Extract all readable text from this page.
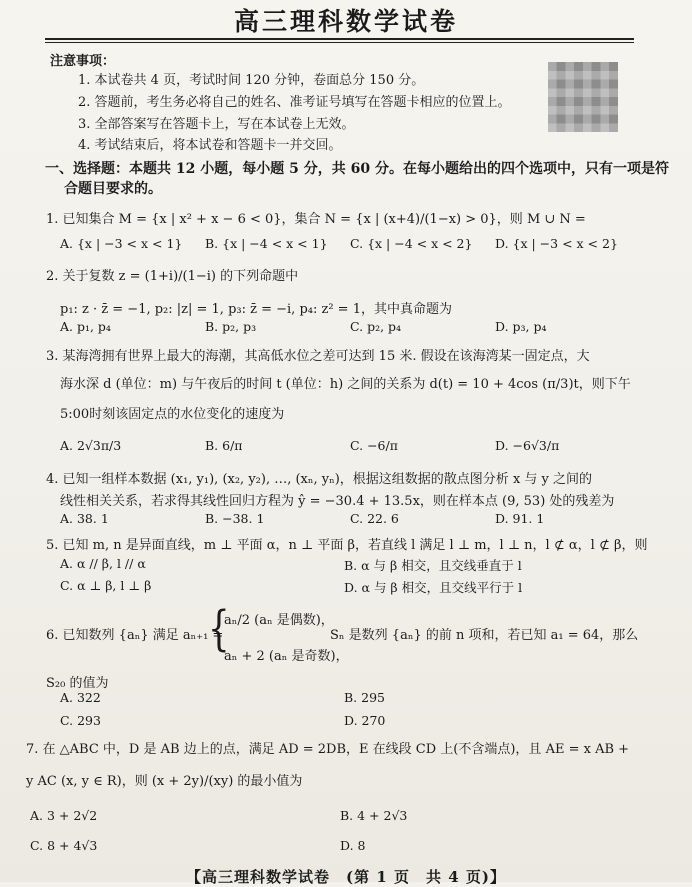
高三理科数学试卷
注意事项：
1. 本试卷共 4 页，考试时间 120 分钟，卷面总分 150 分。
2. 答题前，考生务必将自己的姓名、准考证号填写在答题卡相应的位置上。
3. 全部答案写在答题卡上，写在本试卷上无效。
4. 考试结束后，将本试卷和答题卡一并交回。
一、选择题：本题共 12 小题，每小题 5 分，共 60 分。在每小题给出的四个选项中，只有一项是符
合题目要求的。
1. 已知集合 M = {x | x² + x − 6 < 0}，集合 N = {x | (x+4)/(1−x) > 0}，则 M ∪ N =
A. {x | −3 < x < 1} B. {x | −4 < x < 1} C. {x | −4 < x < 2} D. {x | −3 < x < 2}
2. 关于复数 z = (1+i)/(1−i) 的下列命题中
p₁: z · z̄ = −1, p₂: |z| = 1, p₃: z̄ = −i, p₄: z² = 1，其中真命题为
A. p₁, p₄	B. p₂, p₃	C. p₂, p₄	D. p₃, p₄
3. 某海湾拥有世界上最大的海潮，其高低水位之差可达到 15 米. 假设在该海湾某一固定点，大
海水深 d (单位：m) 与午夜后的时间 t (单位：h) 之间的关系为 d(t) = 10 + 4cos (π/3)t，则下午
5:00时刻该固定点的水位变化的速度为
A. 2√3π/3	B. 6/π	C. −6/π	D. −6√3/π
4. 已知一组样本数据 (x₁, y₁), (x₂, y₂), …, (xₙ, yₙ)，根据这组数据的散点图分析 x 与 y 之间的
线性相关关系，若求得其线性回归方程为 ŷ = −30.4 + 13.5x，则在样本点 (9, 53) 处的残差为
A. 38. 1	B. −38. 1	C. 22. 6	D. 91. 1
5. 已知 m, n 是异面直线，m ⊥ 平面 α，n ⊥ 平面 β，若直线 l 满足 l ⊥ m，l ⊥ n，l ⊄ α，l ⊄ β，则
A. α // β, l // α	B. α 与 β 相交，且交线垂直于 l
C. α ⊥ β, l ⊥ β	D. α 与 β 相交，且交线平行于 l
6. 已知数列 {aₙ} 满足 aₙ₊₁ =
{
aₙ/2 (aₙ 是偶数)，
aₙ + 2 (aₙ 是奇数)，
Sₙ 是数列 {aₙ} 的前 n 项和，若已知 a₁ = 64，那么
S₂₀ 的值为
A. 322	B. 295
C. 293	D. 270
7. 在 △ABC 中，D 是 AB 边上的点，满足 AD = 2DB，E 在线段 CD 上(不含端点)，且 AE = x AB +
y AC (x, y ∈ R)，则 (x + 2y)/(xy) 的最小值为
A. 3 + 2√2	B. 4 + 2√3
C. 8 + 4√3	D. 8
【高三理科数学试卷　(第 1 页　共 4 页)】
